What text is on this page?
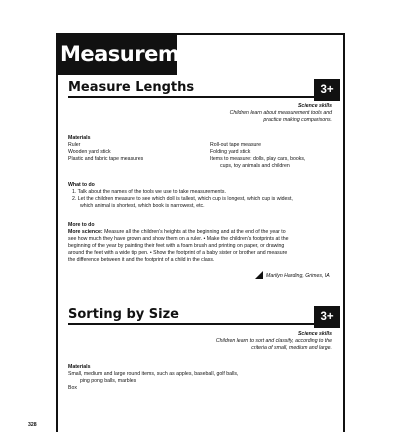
Measurement
Measure Lengths	3+
Science skills
Children learn about measurement tools and
practice making comparisons.
Materials
Ruler
Wooden yard stick
Plastic and fabric tape measures
Roll-out tape measure
Folding yard stick
Items to measure: dolls, play cars, books,
cups, toy animals and children
What to do
1. Talk about the names of the tools we use to take measurements.
2. Let the children measure to see which doll is tallest, which cup is longest, which cup is widest,
which animal is shortest, which book is narrowest, etc.
More to do
More science: Measure all the children's heights at the beginning and at the end of the year to
see how much they have grown and show them on a ruler. • Make the children's footprints at the
beginning of the year by painting their feet with a foam brush and printing on paper, or drawing
around the feet with a wide tip pen. • Show the footprint of a baby sister or brother and measure
the difference between it and the footprint of a child in the class.
Marilyn Harding, Grimes, IA
Sorting by Size	3+
Science skills
Children learn to sort and classify, according to the
criteria of small, medium and large.
Materials
Small, medium and large round items, such as apples, baseball, golf balls,
ping pong balls, marbles
Box
328
